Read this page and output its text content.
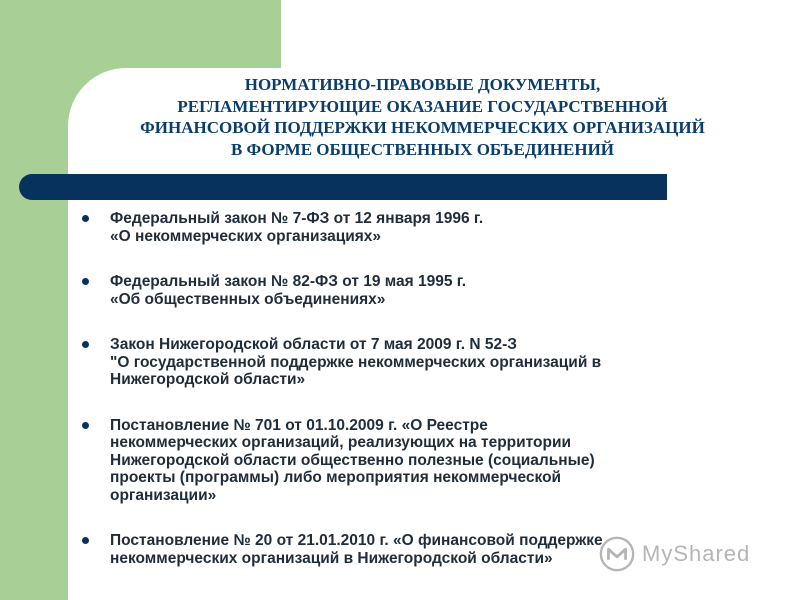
НОРМАТИВНО-ПРАВОВЫЕ ДОКУМЕНТЫ,
РЕГЛАМЕНТИРУЮЩИЕ ОКАЗАНИЕ ГОСУДАРСТВЕННОЙ
ФИНАНСОВОЙ ПОДДЕРЖКИ НЕКОММЕРЧЕСКИХ ОРГАНИЗАЦИЙ
В ФОРМЕ ОБЩЕСТВЕННЫХ ОБЪЕДИНЕНИЙ
Федеральный закон № 7-ФЗ от 12 января 1996 г.
«О некоммерческих организациях»
Федеральный закон № 82-ФЗ от 19 мая 1995 г.
«Об общественных объединениях»
Закон Нижегородской области от 7 мая 2009 г. N 52-З
"О государственной поддержке некоммерческих организаций в
Нижегородской области»
Постановление № 701 от 01.10.2009 г. «О Реестре
некоммерческих организаций, реализующих на территории
Нижегородской области общественно полезные (социальные)
проекты (программы) либо мероприятия некоммерческой
организации»
Постановление № 20 от 21.01.2010 г. «О финансовой поддержке
некоммерческих организаций в Нижегородской области»	MyShared
